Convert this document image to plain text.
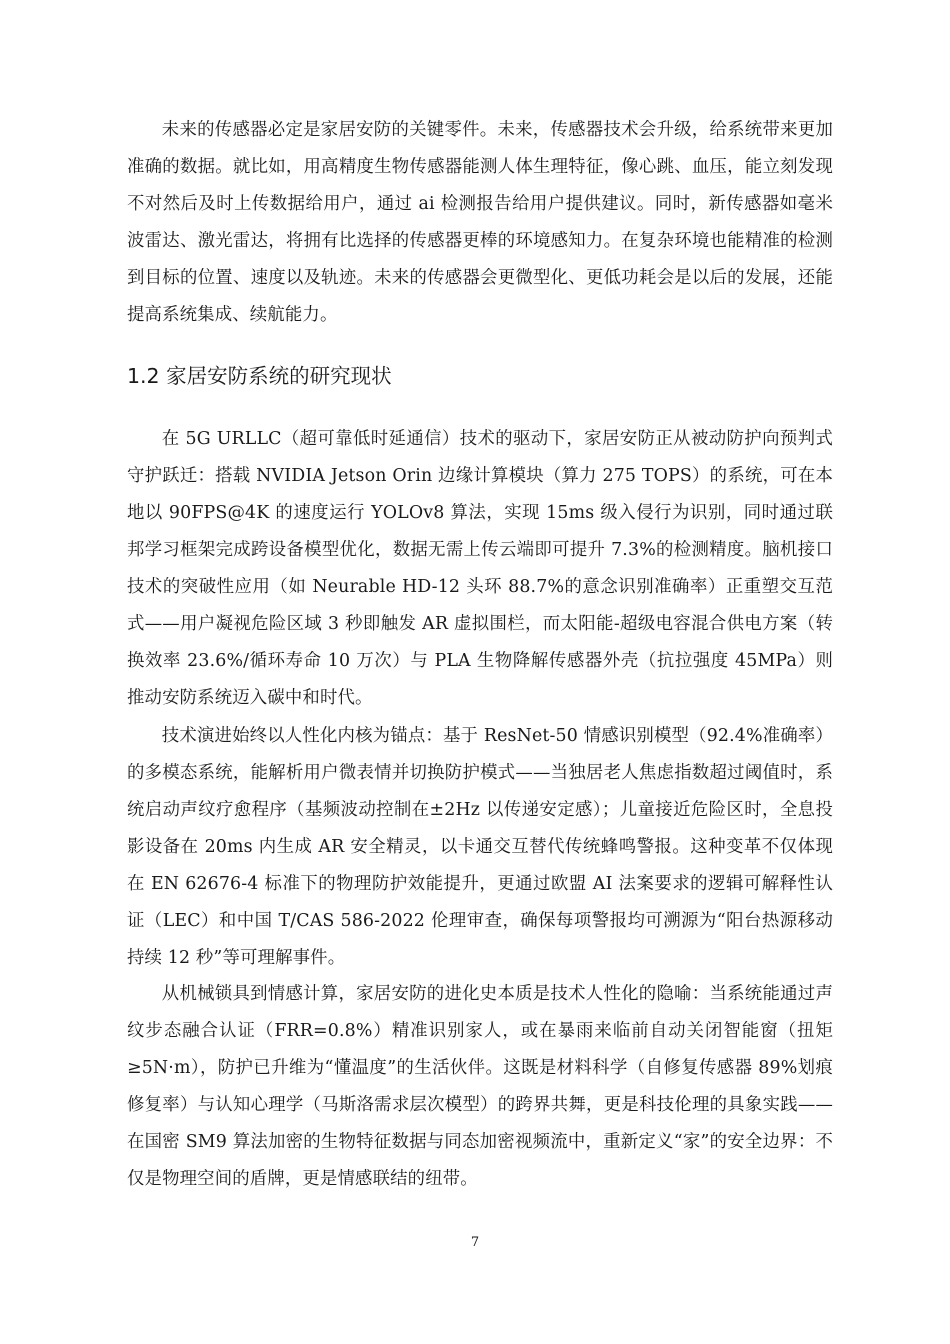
未来的传感器必定是家居安防的关键零件。未来，传感器技术会升级，给系统带来更加准确的数据。就比如，用高精度生物传感器能测人体生理特征，像心跳、血压，能立刻发现不对然后及时上传数据给用户，通过 ai 检测报告给用户提供建议。同时，新传感器如毫米波雷达、激光雷达，将拥有比选择的传感器更棒的环境感知力。在复杂环境也能精准的检测到目标的位置、速度以及轨迹。未来的传感器会更微型化、更低功耗会是以后的发展，还能提高系统集成、续航能力。

1.2 家居安防系统的研究现状

在 5G URLLC（超可靠低时延通信）技术的驱动下，家居安防正从被动防护向预判式守护跃迁：搭载 NVIDIA Jetson Orin 边缘计算模块（算力 275 TOPS）的系统，可在本地以 90FPS@4K 的速度运行 YOLOv8 算法，实现 15ms 级入侵行为识别，同时通过联邦学习框架完成跨设备模型优化，数据无需上传云端即可提升 7.3%的检测精度。脑机接口技术的突破性应用（如 Neurable HD-12 头环 88.7%的意念识别准确率）正重塑交互范式——用户凝视危险区域 3 秒即触发 AR 虚拟围栏，而太阳能-超级电容混合供电方案（转换效率 23.6%/循环寿命 10 万次）与 PLA 生物降解传感器外壳（抗拉强度 45MPa）则推动安防系统迈入碳中和时代。

技术演进始终以人性化内核为锚点：基于 ResNet-50 情感识别模型（92.4%准确率）的多模态系统，能解析用户微表情并切换防护模式——当独居老人焦虑指数超过阈值时，系统启动声纹疗愈程序（基频波动控制在±2Hz 以传递安定感）；儿童接近危险区时，全息投影设备在 20ms 内生成 AR 安全精灵，以卡通交互替代传统蜂鸣警报。这种变革不仅体现在 EN 62676-4 标准下的物理防护效能提升，更通过欧盟 AI 法案要求的逻辑可解释性认证（LEC）和中国 T/CAS 586-2022 伦理审查，确保每项警报均可溯源为“阳台热源移动持续 12 秒”等可理解事件。

从机械锁具到情感计算，家居安防的进化史本质是技术人性化的隐喻：当系统能通过声纹步态融合认证（FRR=0.8%）精准识别家人，或在暴雨来临前自动关闭智能窗（扭矩≥5N·m），防护已升维为“懂温度”的生活伙伴。这既是材料科学（自修复传感器 89%划痕修复率）与认知心理学（马斯洛需求层次模型）的跨界共舞，更是科技伦理的具象实践——在国密 SM9 算法加密的生物特征数据与同态加密视频流中，重新定义“家”的安全边界：不仅是物理空间的盾牌，更是情感联结的纽带。

7
